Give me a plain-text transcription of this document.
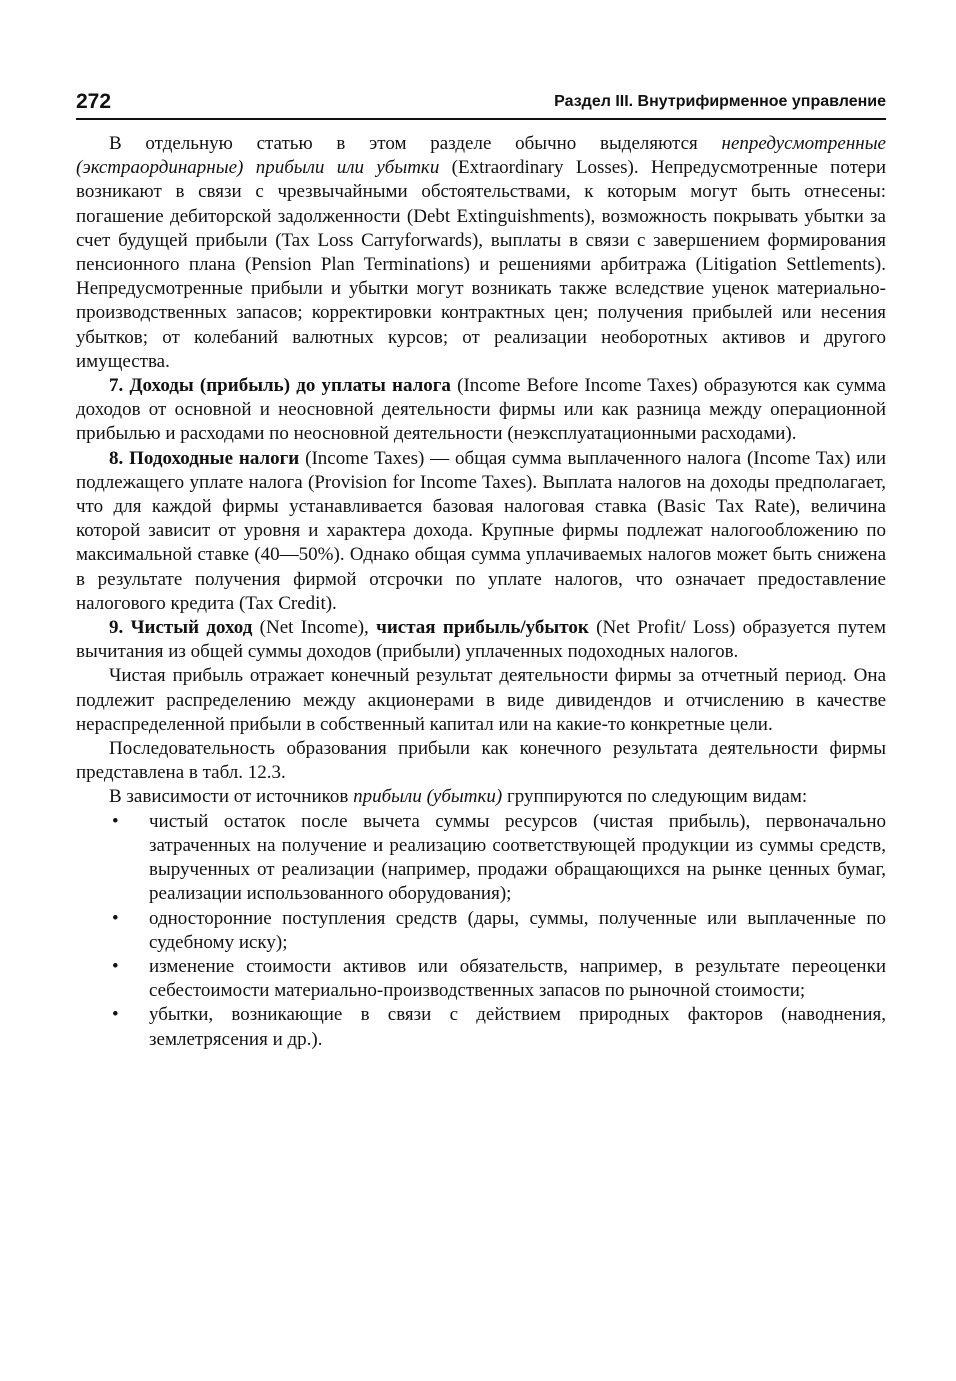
272	Раздел III. Внутрифирменное управление

В отдельную статью в этом разделе обычно выделяются непредусмотренные (экстраординарные) прибыли или убытки (Extraordinary Losses). Непредусмотренные потери возникают в связи с чрезвычайными обстоятельствами, к которым могут быть отнесены: погашение дебиторской задолженности (Debt Extinguishments), возможность покрывать убытки за счет будущей прибыли (Tax Loss Carryforwards), выплаты в связи с завершением формирования пенсионного плана (Pension Plan Terminations) и решениями арбитража (Litigation Settlements). Непредусмотренные прибыли и убытки могут возникать также вследствие уценок материально-производственных запасов; корректировки контрактных цен; получения прибылей или несения убытков; от колебаний валютных курсов; от реализации необоротных активов и другого имущества.

7. Доходы (прибыль) до уплаты налога (Income Before Income Taxes) образуются как сумма доходов от основной и неосновной деятельности фирмы или как разница между операционной прибылью и расходами по неосновной деятельности (неэксплуатационными расходами).

8. Подоходные налоги (Income Taxes) — общая сумма выплаченного налога (Income Tax) или подлежащего уплате налога (Provision for Income Taxes). Выплата налогов на доходы предполагает, что для каждой фирмы устанавливается базовая налоговая ставка (Basic Tax Rate), величина которой зависит от уровня и характера дохода. Крупные фирмы подлежат налогообложению по максимальной ставке (40—50%). Однако общая сумма уплачиваемых налогов может быть снижена в результате получения фирмой отсрочки по уплате налогов, что означает предоставление налогового кредита (Tax Credit).

9. Чистый доход (Net Income), чистая прибыль/убыток (Net Profit/ Loss) образуется путем вычитания из общей суммы доходов (прибыли) уплаченных подоходных налогов.

Чистая прибыль отражает конечный результат деятельности фирмы за отчетный период. Она подлежит распределению между акционерами в виде дивидендов и отчислению в качестве нераспределенной прибыли в собственный капитал или на какие-то конкретные цели.

Последовательность образования прибыли как конечного результата деятельности фирмы представлена в табл. 12.3.

В зависимости от источников прибыли (убытки) группируются по следующим видам:

• чистый остаток после вычета суммы ресурсов (чистая прибыль), первоначально затраченных на получение и реализацию соответствующей продукции из суммы средств, вырученных от реализации (например, продажи обращающихся на рынке ценных бумаг, реализации использованного оборудования);
• односторонние поступления средств (дары, суммы, полученные или выплаченные по судебному иску);
• изменение стоимости активов или обязательств, например, в результате переоценки себестоимости материально-производственных запасов по рыночной стоимости;
• убытки, возникающие в связи с действием природных факторов (наводнения, землетрясения и др.).
